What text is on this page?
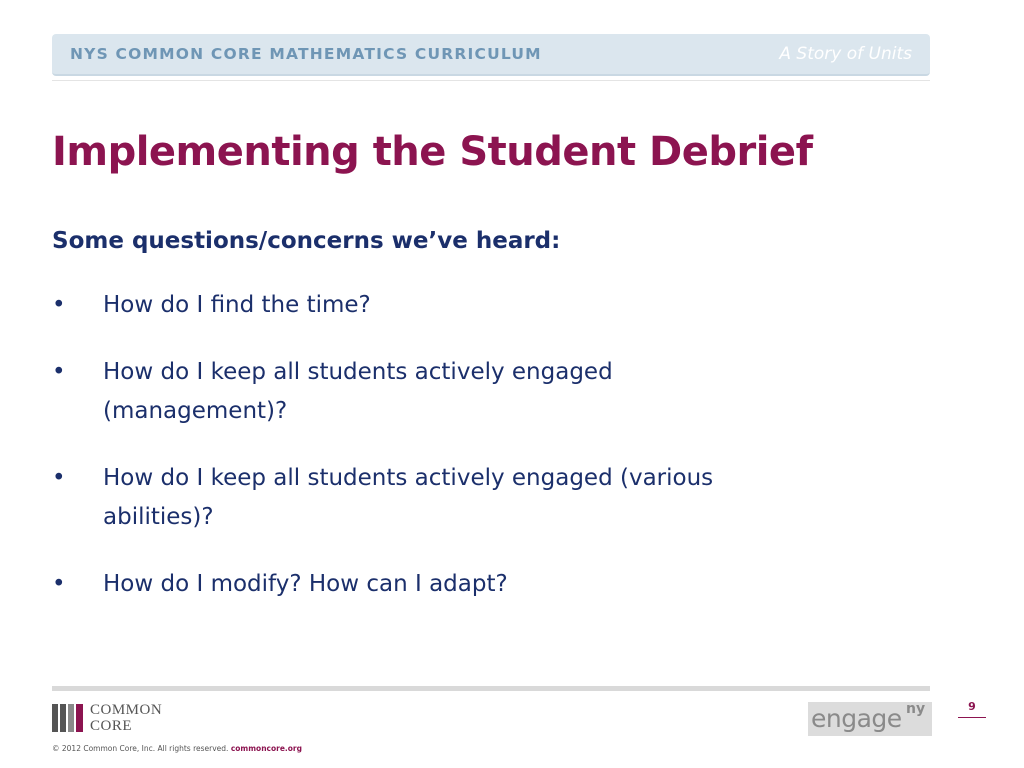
NYS COMMON CORE MATHEMATICS CURRICULUM	A Story of Units
Implementing the Student Debrief
Some questions/concerns we’ve heard:
• How do I find the time?
• How do I keep all students actively engaged
(management)?
• How do I keep all students actively engaged (various
abilities)?
• How do I modify? How can I adapt?
COMMON
CORE
© 2012 Common Core, Inc. All rights reserved. commoncore.org
engage ny	9
